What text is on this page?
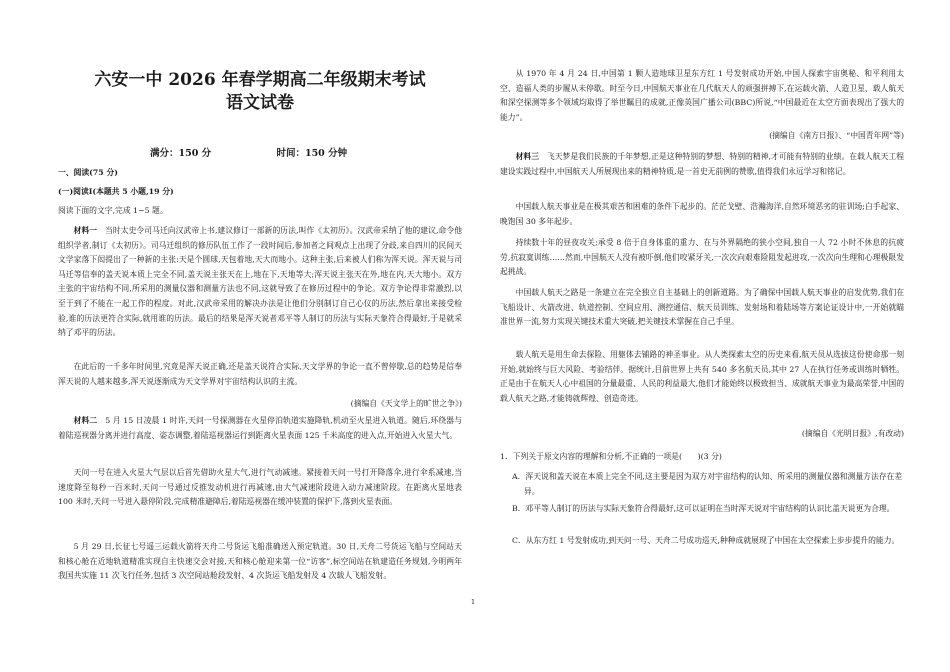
六安一中 2026 年春学期高二年级期末考试
语文试卷
满分：150 分	时间：150 分钟

一、阅读(75 分)

(一)阅读I(本题共 5 小题,19 分)

阅读下面的文字,完成 1~5 题。

材料一　 当时太史令司马迁向汉武帝上书,建议修订一部新的历法,叫作《太初历》。汉武帝采纳了他的建议,命令他组织学者,制订《太初历》。司马迁组织的修历队伍工作了一段时间后,参加者之间观点上出现了分歧,来自四川的民间天文学家落下闳提出了一种新的主张:天是个圆球,天包着地,天大而地小。这种主张,后来被人们称为浑天说。浑天说与司马迁等信奉的盖天说本质上完全不同,盖天说主张天在上,地在下,天地等大;浑天说主张天在外,地在内,天大地小。双方主张的宇宙结构不同,所采用的测量仪器和测量方法也不同,这就导致了在修历过程中的争论。双方争论得非常激烈,以至于到了不能在一起工作的程度。对此,汉武帝采用的解决办法是让他们分别制订自己心仪的历法,然后拿出来接受检验,谁的历法更符合实际,就用谁的历法。最后的结果是浑天说者邓平等人制订的历法与实际天象符合得最好,于是就采纳了邓平的历法。

在此后的一千多年时间里,究竟是浑天说正确,还是盖天说符合实际,天文学界的争论一直不曾停歇,总的趋势是信奉浑天说的人越来越多,浑天说逐渐成为天文学界对宇宙结构认识的主流。

(摘编自《天文学上的旷世之争》)

材料二　 5 月 15 日凌晨 1 时许,天问一号探测器在火星停泊轨道实施降轨,机动至火星进入轨道。随后,环绕器与着陆巡视器分离并进行高度、姿态调整,着陆巡视器运行到距离火星表面 125 千米高度的进入点,开始进入火星大气。

天问一号在进入火星大气层以后首先借助火星大气,进行气动减速。紧接着天问一号打开降落伞,进行伞系减速,当速度降至每秒一百米时,天问一号通过反推发动机进行再减速,由大气减速阶段进入动力减速阶段。在距离火星地表 100 米时,天问一号进入悬停阶段,完成精准避障后,着陆巡视器在缓冲装置的保护下,落到火星表面。

5 月 29 日,长征七号遥三运载火箭将天舟二号货运飞船准确送入预定轨道。30 日,天舟二号货运飞船与空间站天和核心舱在近地轨道精准实现自主快速交会对接,天和核心舱迎来第一位“访客”,标空间站在轨建造任务规划,今明两年我国共实施 11 次飞行任务,包括 3 次空间站舱段发射、4 次货运飞船发射及 4 次载人飞船发射。

从 1970 年 4 月 24 日,中国第 1 颗人造地球卫星东方红 1 号发射成功开始,中国人探索宇宙奥秘、和平利用太空、造福人类的步履从未停歇。时至今日,中国航天事业在几代航天人的顽强拼搏下,在运载火箭、人造卫星、载人航天和深空探测等多个领域均取得了举世瞩目的成就,正像英国广播公司(BBC)所说,“中国最近在太空方面表现出了强大的能力”。

(摘编自《南方日报》、“中国青年网”等)

材料三　 飞天梦是我们民族的千年梦想,正是这种特别的梦想、特别的精神,才可能有特别的业绩。在载人航天工程建设实践过程中,中国航天人所展现出来的精神特质,是一首史无前例的赞歌,值得我们永远学习和铭记。

中国载人航天事业是在极其艰苦和困难的条件下起步的。茫茫戈壁、浩瀚海洋,自然环境恶劣的驻训场;白手起家、晚饱国 30 多年起步。

持续数十年的昼夜攻关;承受 8 倍于自身体重的重力、在与外界隔绝的狭小空间,独自一人 72 小时不休息的抗疲劳,抗寂寞训练……然而,中国航天人没有被吓倒,他们咬紧牙关,一次次向艰难险阻发起进攻,一次次向生理和心理极限发起挑战。

中国载人航天之路是一条建立在完全独立自主基础上的创新道路。为了确保中国载人航天事业的启发优势,我们在飞船设计、火箭改进、轨道控制、空间应用、测控通信、航天员训练、发射场和着陆场等方案论证设计中,一开始就瞄准世界一流,努力实现关键技术重大突破,把关键技术掌握在自己手里。

载人航天是用生命去探险、用躯体去铺路的神圣事业。从人类探索太空的历史来看,航天员从选拔这份使命那一刻开始,就始终与巨大风险、考验结伴。据统计,目前世界上共有 540 多名航天员,其中 27 人在执行任务或训练时牺牲。正是由于在航天人心中祖国的分量最重、人民的利益最大,他们才能始终以极致担当、成就航天事业为最高荣誉,中国的载人航天之路,才能铸就辉煌、创造奇迹。

(摘编自《光明日报》,有改动)

1．下列关于原文内容的理解和分析,不正确的一项是(　　)(3 分)

A．浑天说和盖天说在本质上完全不同,这主要是因为双方对宇宙结构的认知、所采用的测量仪器和测量方法存在差异。

B．邓平等人制订的历法与实际天象符合得最好,这可以证明在当时浑天说对宇宙结构的认识比盖天说更为合理。

C．从东方红 1 号发射成功,到天问一号、天舟二号成功巡天,种种成就展现了中国在太空探索上步步提升的能力。

1
